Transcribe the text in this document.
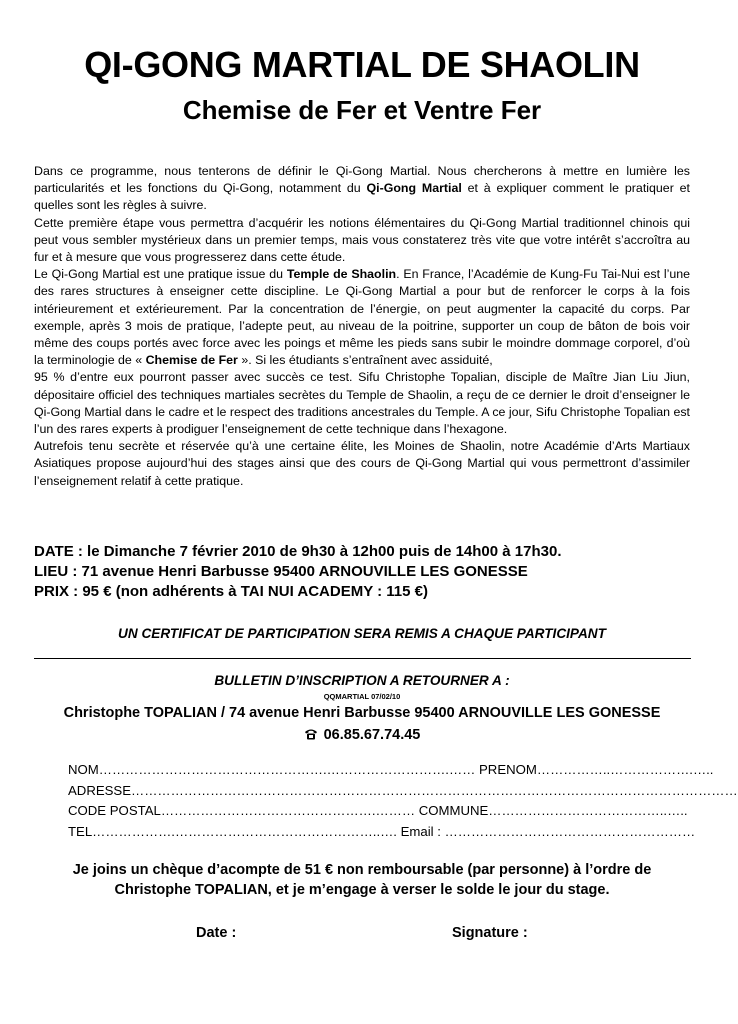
QI-GONG MARTIAL DE SHAOLIN
Chemise de Fer et Ventre Fer

Dans ce programme, nous tenterons de définir le Qi-Gong Martial. Nous chercherons à mettre en lumière les particularités et les fonctions du Qi-Gong, notamment du Qi-Gong Martial et à expliquer comment le pratiquer et quelles sont les règles à suivre.

Cette première étape vous permettra d’acquérir les notions élémentaires du Qi-Gong Martial traditionnel chinois qui peut vous sembler mystérieux dans un premier temps, mais vous constaterez très vite que votre intérêt s’accroîtra au fur et à mesure que vous progresserez dans cette étude.

Le Qi-Gong Martial est une pratique issue du Temple de Shaolin. En France, l’Académie de Kung-Fu Tai-Nui est l’une des rares structures à enseigner cette discipline. Le Qi-Gong Martial a pour but de renforcer le corps à la fois intérieurement et extérieurement. Par la concentration de l’énergie, on peut augmenter la capacité du corps. Par exemple, après 3 mois de pratique, l’adepte peut, au niveau de la poitrine, supporter un coup de bâton de bois voir même des coups portés avec force avec les poings et même les pieds sans subir le moindre dommage corporel, d’où la terminologie de « Chemise de Fer ». Si les étudiants s’entraînent avec assiduité,

95 % d’entre eux pourront passer avec succès ce test. Sifu Christophe Topalian, disciple de Maître Jian Liu Jiun, dépositaire officiel des techniques martiales secrètes du Temple de Shaolin, a reçu de ce dernier le droit d’enseigner le Qi-Gong Martial dans le cadre et le respect des traditions ancestrales du Temple. A ce jour, Sifu Christophe Topalian est l’un des rares experts à prodiguer l’enseignement de cette technique dans l’hexagone.

Autrefois tenu secrète et réservée qu’à une certaine élite, les Moines de Shaolin, notre Académie d’Arts Martiaux Asiatiques propose aujourd’hui des stages ainsi que des cours de Qi-Gong Martial qui vous permettront d’assimiler l’enseignement relatif à cette pratique.

DATE : le Dimanche 7 février 2010 de 9h30 à 12h00 puis de 14h00 à 17h30.
LIEU : 71 avenue Henri Barbusse 95400 ARNOUVILLE LES GONESSE
PRIX : 95 € (non adhérents à TAI NUI ACADEMY : 115 €)
UN CERTIFICAT DE PARTICIPATION SERA REMIS A CHAQUE PARTICIPANT
BULLETIN D’INSCRIPTION A RETOURNER A :
QQMARTIAL 07/02/10
Christophe TOPALIAN / 74 avenue Henri Barbusse 95400 ARNOUVILLE LES GONESSE
06.85.67.74.45
NOM…………………………………………….……………………….…… PRENOM……………..……………….…..
ADRESSE…………………………………………………………………………………………………………………………
CODE POSTAL………………………………………….……… COMMUNE…………………………………..…..
TEL……………….………………………………………..…. Email : …………………………………………………
Je joins un chèque d’acompte de 51 € non remboursable (par personne) à l’ordre de
Christophe TOPALIAN, et je m’engage à verser le solde le jour du stage.
Date :	Signature :
